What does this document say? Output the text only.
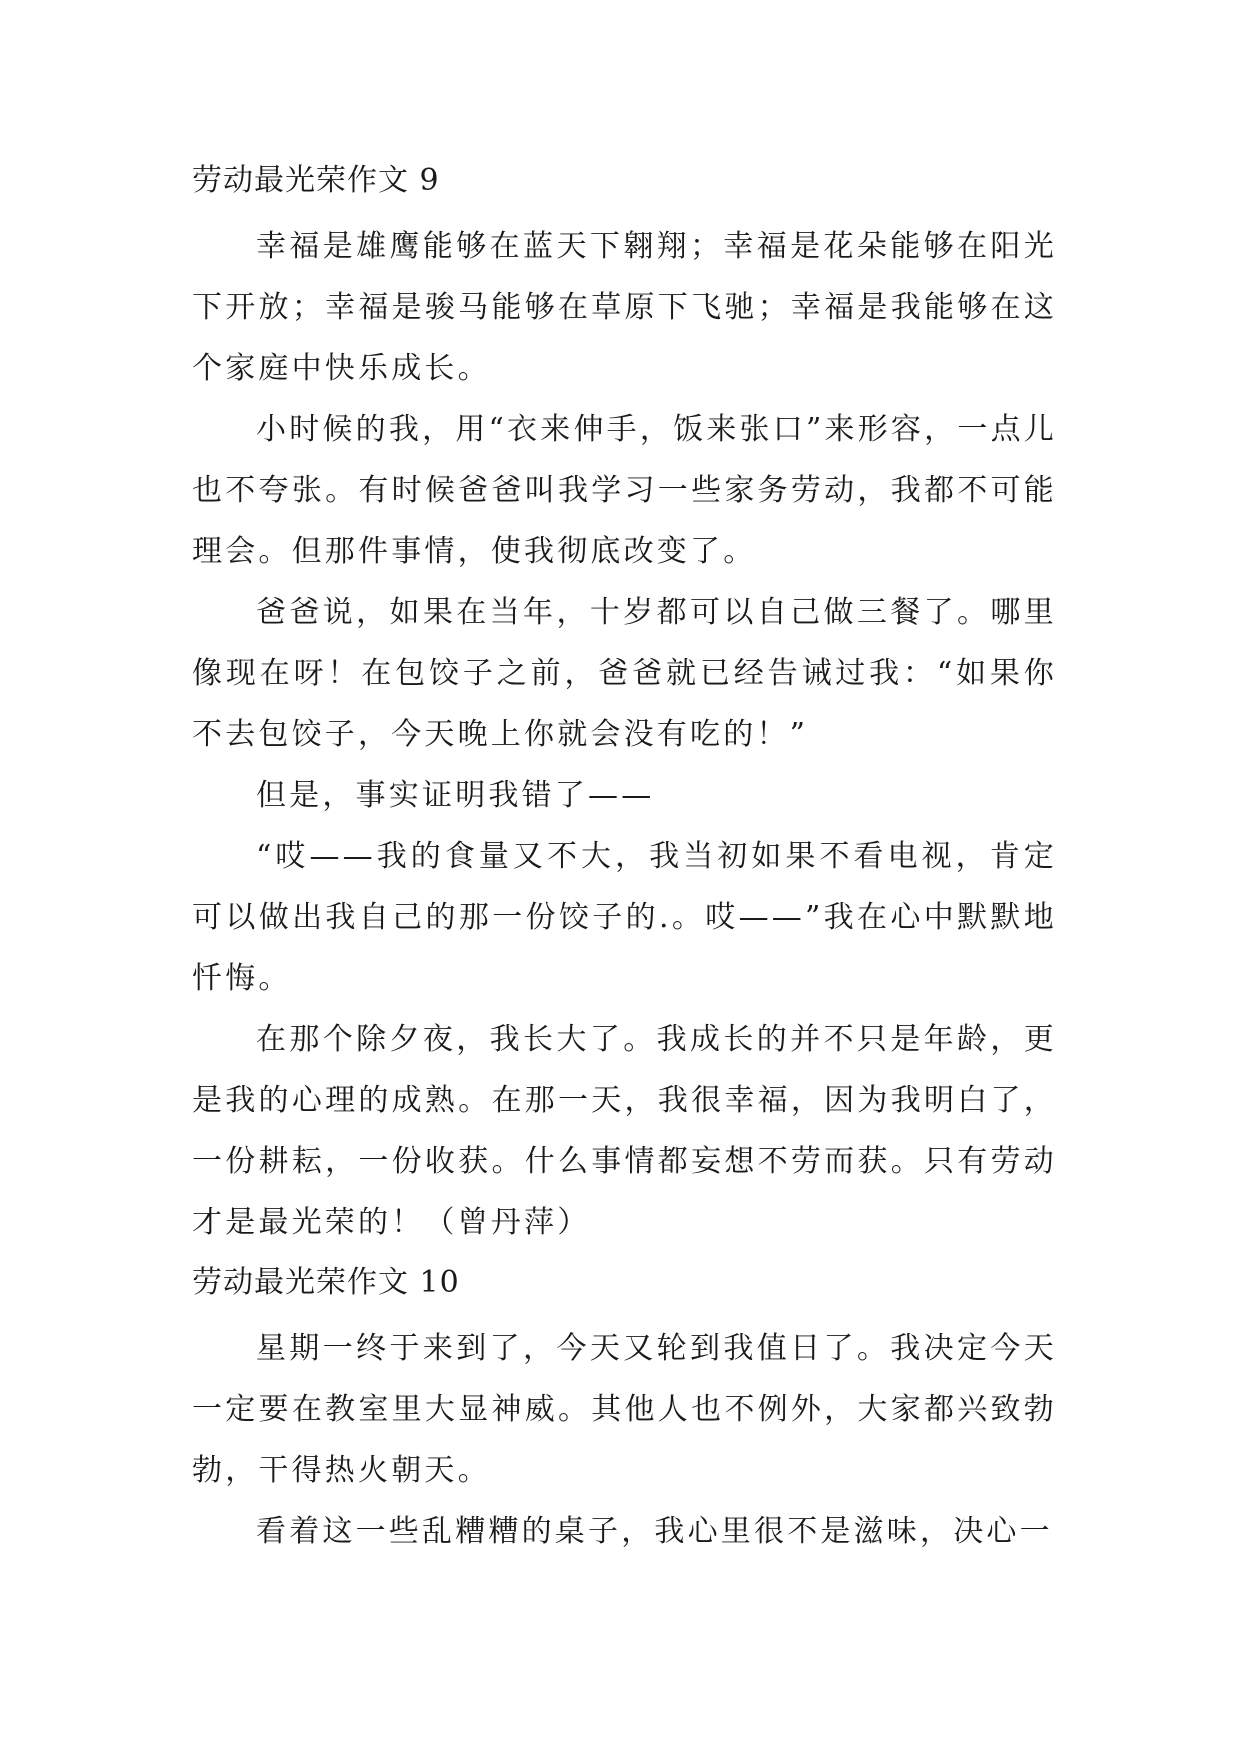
劳动最光荣作文 9

幸福是雄鹰能够在蓝天下翱翔；幸福是花朵能够在阳光下开放；幸福是骏马能够在草原下飞驰；幸福是我能够在这个家庭中快乐成长。

小时候的我，用“衣来伸手，饭来张口”来形容，一点儿也不夸张。有时候爸爸叫我学习一些家务劳动，我都不可能理会。但那件事情，使我彻底改变了。

爸爸说，如果在当年，十岁都可以自己做三餐了。哪里像现在呀！在包饺子之前，爸爸就已经告诫过我：“如果你不去包饺子，今天晚上你就会没有吃的！”

但是，事实证明我错了——

“哎——我的食量又不大，我当初如果不看电视，肯定可以做出我自己的那一份饺子的.。哎——”我在心中默默地忏悔。

在那个除夕夜，我长大了。我成长的并不只是年龄，更是我的心理的成熟。在那一天，我很幸福，因为我明白了，一份耕耘，一份收获。什么事情都妄想不劳而获。只有劳动才是最光荣的！（曾丹萍）

劳动最光荣作文 10

星期一终于来到了，今天又轮到我值日了。我决定今天一定要在教室里大显神威。其他人也不例外，大家都兴致勃勃，干得热火朝天。

看着这一些乱糟糟的桌子，我心里很不是滋味，决心一
